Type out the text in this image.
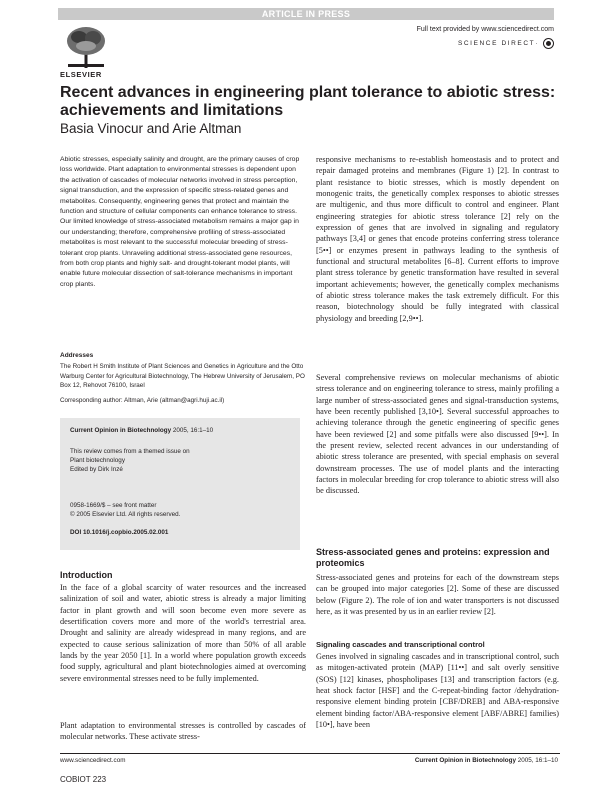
ARTICLE IN PRESS
ELSEVIER
Full text provided by www.sciencedirect.com
SCIENCE DIRECT·
Recent advances in engineering plant tolerance to abiotic stress: achievements and limitations
Basia Vinocur and Arie Altman

Abiotic stresses, especially salinity and drought, are the primary causes of crop loss worldwide. Plant adaptation to environmental stresses is dependent upon the activation of cascades of molecular networks involved in stress perception, signal transduction, and the expression of specific stress-related genes and metabolites. Consequently, engineering genes that protect and maintain the function and structure of cellular components can enhance tolerance to stress. Our limited knowledge of stress-associated metabolism remains a major gap in our understanding; therefore, comprehensive profiling of stress-associated metabolites is most relevant to the successful molecular breeding of stress-tolerant crop plants. Unraveling additional stress-associated gene resources, from both crop plants and highly salt- and drought-tolerant model plants, will enable future molecular dissection of salt-tolerance mechanisms in important crop plants.

Addresses

The Robert H Smith Institute of Plant Sciences and Genetics in Agriculture and the Otto Warburg Center for Agricultural Biotechnology, The Hebrew University of Jerusalem, PO Box 12, Rehovot 76100, Israel

Corresponding author: Altman, Arie (altman@agri.huji.ac.il)

Current Opinion in Biotechnology 2005, 16:1–10
This review comes from a themed issue on
Plant biotechnology
Edited by Dirk Inzé
0958-1669/$ – see front matter
© 2005 Elsevier Ltd. All rights reserved.
DOI 10.1016/j.copbio.2005.02.001
Introduction

In the face of a global scarcity of water resources and the increased salinization of soil and water, abiotic stress is already a major limiting factor in plant growth and will soon become even more severe as desertification covers more and more of the world's terrestrial area. Drought and salinity are already widespread in many regions, and are expected to cause serious salinization of more than 50% of all arable lands by the year 2050 [1]. In a world where population growth exceeds food supply, agricultural and plant biotechnologies aimed at overcoming severe environmental stresses need to be fully implemented.

Plant adaptation to environmental stresses is controlled by cascades of molecular networks. These activate stress-

responsive mechanisms to re-establish homeostasis and to protect and repair damaged proteins and membranes (Figure 1) [2]. In contrast to plant resistance to biotic stresses, which is mostly dependent on monogenic traits, the genetically complex responses to abiotic stresses are multigenic, and thus more difficult to control and engineer. Plant engineering strategies for abiotic stress tolerance [2] rely on the expression of genes that are involved in signaling and regulatory pathways [3,4] or genes that encode proteins conferring stress tolerance [5••] or enzymes present in pathways leading to the synthesis of functional and structural metabolites [6–8]. Current efforts to improve plant stress tolerance by genetic transformation have resulted in several important achievements; however, the genetically complex mechanisms of abiotic stress tolerance makes the task extremely difficult. For this reason, biotechnology should be fully integrated with classical physiology and breeding [2,9••].

Several comprehensive reviews on molecular mechanisms of abiotic stress tolerance and on engineering tolerance to stress, mainly profiling a large number of stress-associated genes and signal-transduction systems, have been recently published [3,10•]. Several successful approaches to achieving tolerance through the genetic engineering of specific genes have been reviewed [2] and some pitfalls were also discussed [9••]. In the present review, selected recent advances in our understanding of abiotic stress tolerance are presented, with special emphasis on several downstream processes. The use of model plants and the interacting factors in molecular breeding for crop tolerance to abiotic stress will also be discussed.

Stress-associated genes and proteins: expression and proteomics

Stress-associated genes and proteins for each of the downstream steps can be grouped into major categories [2]. Some of these are discussed below (Figure 2). The role of ion and water transporters is not discussed here, as it was presented by us in an earlier review [2].

Signaling cascades and transcriptional control

Genes involved in signaling cascades and in transcriptional control, such as mitogen-activated protein (MAP) [11••] and salt overly sensitive (SOS) [12] kinases, phospholipases [13] and transcription factors (e.g. heat shock factor [HSF] and the C-repeat-binding factor /dehydration-responsive element binding protein [CBF/DREB] and ABA-responsive element binding factor/ABA-responsive element [ABF/ABRE] families) [10•], have been

www.sciencedirect.com	Current Opinion in Biotechnology 2005, 16:1–10
COBIOT 223
